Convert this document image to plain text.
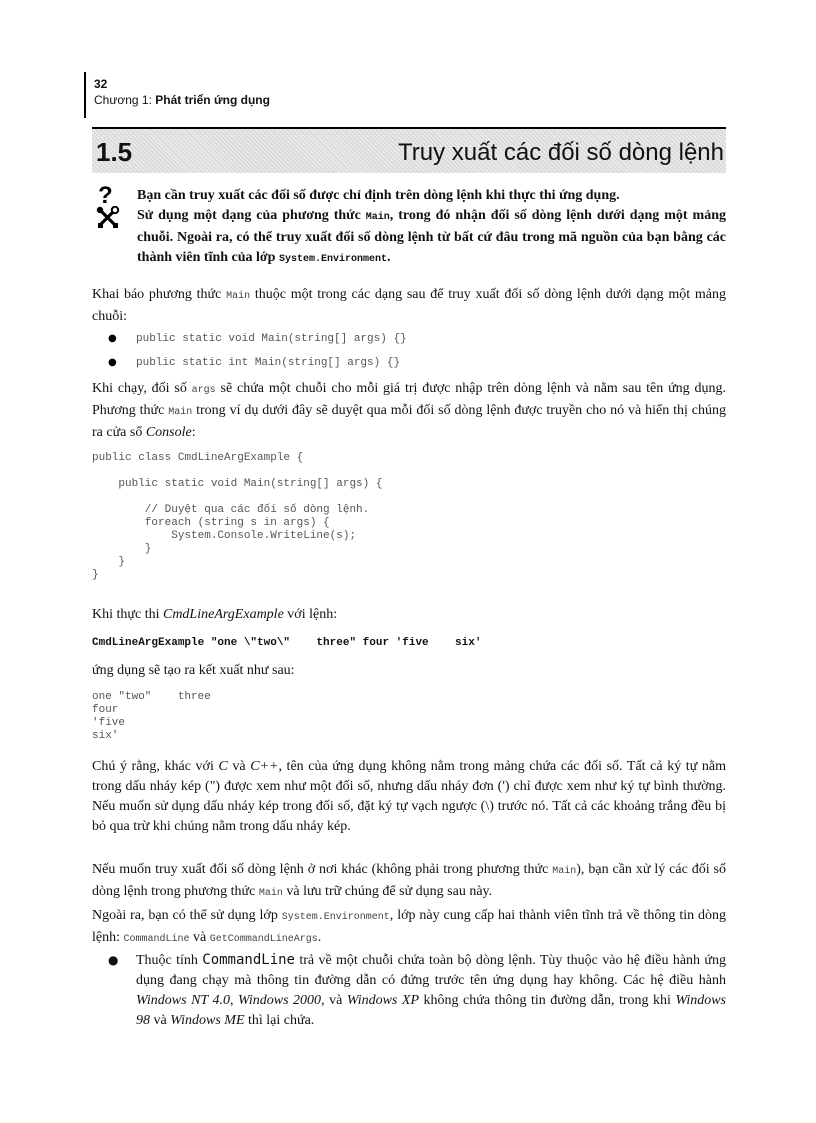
32
Chương 1: Phát triển ứng dụng
1.5	Truy xuất các đối số dòng lệnh
? Bạn cần truy xuất các đối số được chỉ định trên dòng lệnh khi thực thi ứng dụng.
Sử dụng một dạng của phương thức Main, trong đó nhận đối số dòng lệnh dưới dạng một mảng chuỗi. Ngoài ra, có thể truy xuất đối số dòng lệnh từ bất cứ đâu trong mã nguồn của bạn bằng các thành viên tĩnh của lớp System.Environment.

Khai báo phương thức Main thuộc một trong các dạng sau để truy xuất đối số dòng lệnh dưới dạng một mảng chuỗi:

● public static void Main(string[] args) {}
● public static int Main(string[] args) {}

Khi chạy, đối số args sẽ chứa một chuỗi cho mỗi giá trị được nhập trên dòng lệnh và nằm sau tên ứng dụng. Phương thức Main trong ví dụ dưới đây sẽ duyệt qua mỗi đối số dòng lệnh được truyền cho nó và hiển thị chúng ra cửa sổ Console:

public class CmdLineArgExample {

public static void Main(string[] args) {

// Duyệt qua các đối số dòng lệnh.
foreach (string s in args) {
System.Console.WriteLine(s);
}
}
}

Khi thực thi CmdLineArgExample với lệnh:

CmdLineArgExample "one \"two\"    three" four 'five    six'

ứng dụng sẽ tạo ra kết xuất như sau:

one "two"    three
four
'five
six'

Chú ý rằng, khác với C và C++, tên của ứng dụng không nằm trong mảng chứa các đối số. Tất cả ký tự nằm trong dấu nháy kép (") được xem như một đối số, nhưng dấu nháy đơn (') chỉ được xem như ký tự bình thường. Nếu muốn sử dụng dấu nháy kép trong đối số, đặt ký tự vạch ngược (\) trước nó. Tất cả các khoảng trắng đều bị bỏ qua trừ khi chúng nằm trong dấu nháy kép.

Nếu muốn truy xuất đối số dòng lệnh ở nơi khác (không phải trong phương thức Main), bạn cần xử lý các đối số dòng lệnh trong phương thức Main và lưu trữ chúng để sử dụng sau này.

Ngoài ra, bạn có thể sử dụng lớp System.Environment, lớp này cung cấp hai thành viên tĩnh trả về thông tin dòng lệnh: CommandLine và GetCommandLineArgs.

● Thuộc tính CommandLine trả về một chuỗi chứa toàn bộ dòng lệnh. Tùy thuộc vào hệ điều hành ứng dụng đang chạy mà thông tin đường dẫn có đứng trước tên ứng dụng hay không. Các hệ điều hành Windows NT 4.0, Windows 2000, và Windows XP không chứa thông tin đường dẫn, trong khi Windows 98 và Windows ME thì lại chứa.
